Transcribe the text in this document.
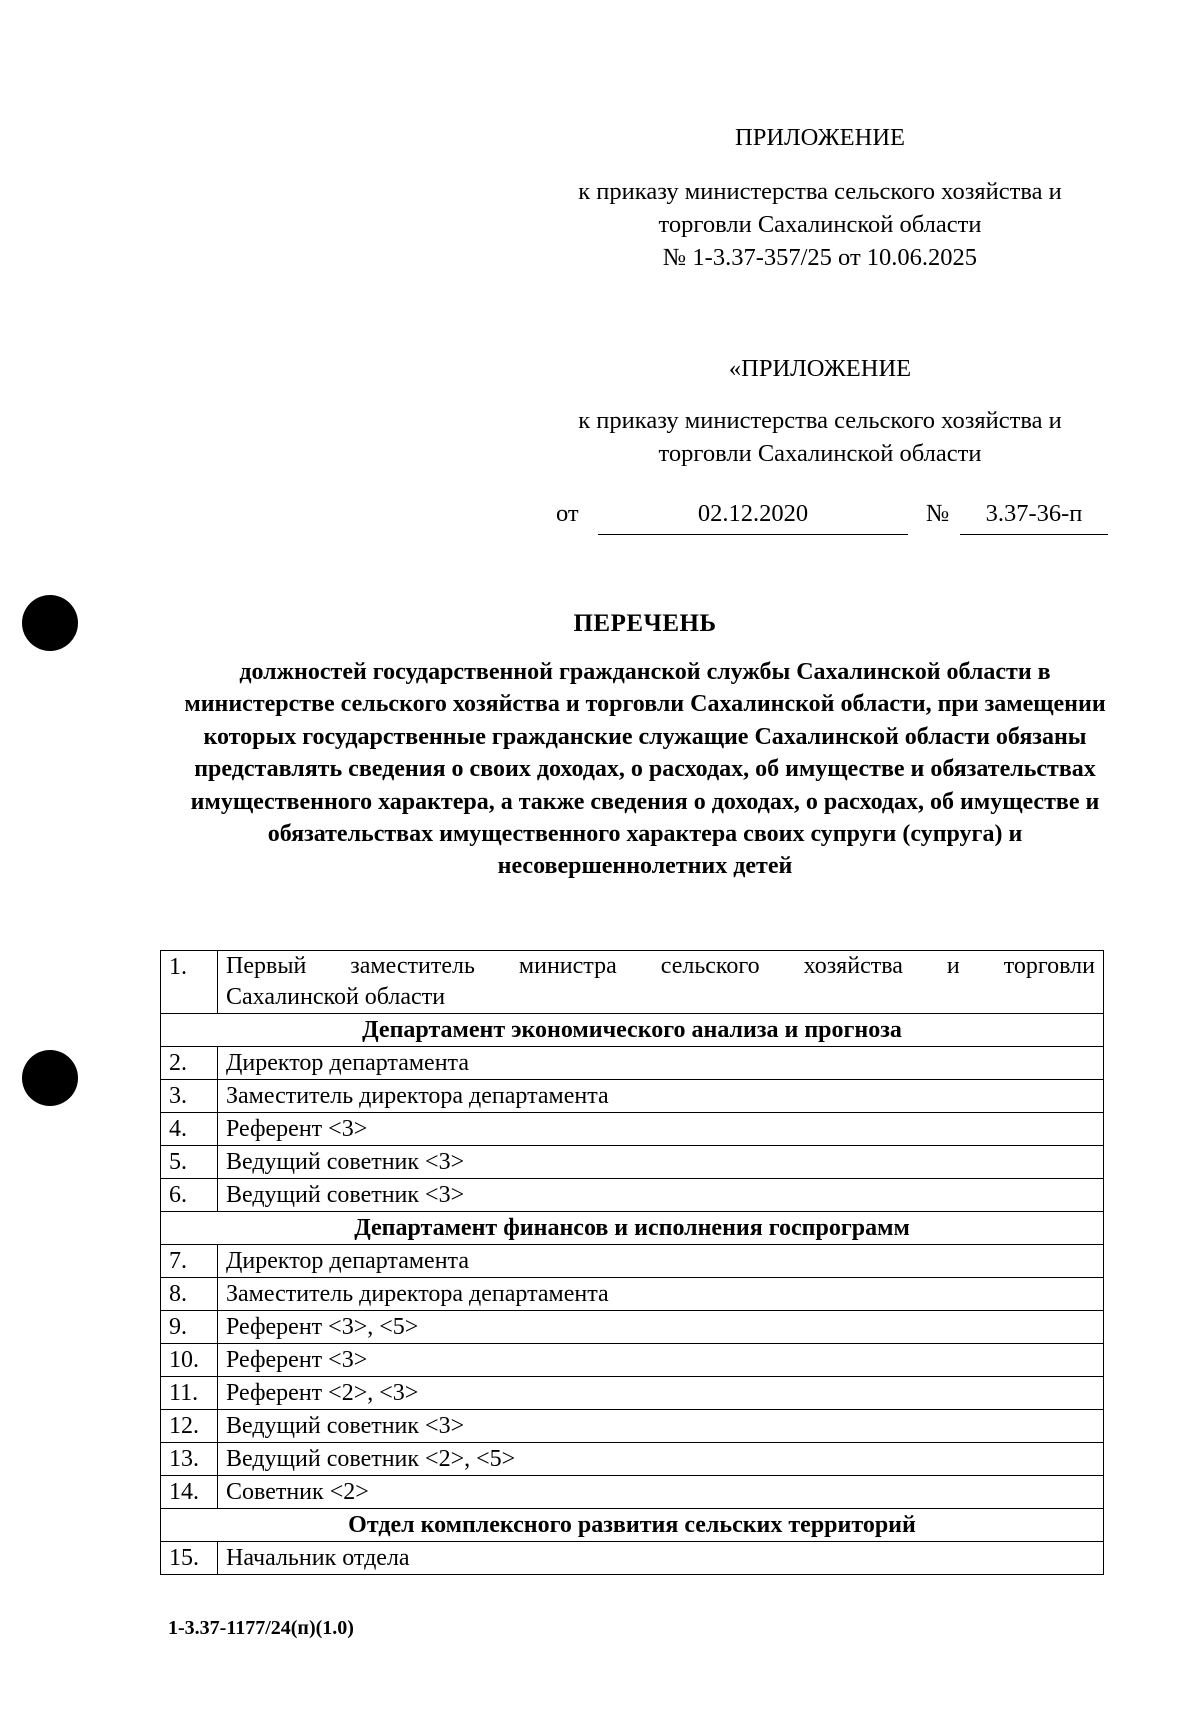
ПРИЛОЖЕНИЕ
к приказу министерства сельского хозяйства и
торговли Сахалинской области
№ 1-3.37-357/25 от 10.06.2025
«ПРИЛОЖЕНИЕ
к приказу министерства сельского хозяйства и
торговли Сахалинской области
от	02.12.2020	№	3.37-36-п
ПЕРЕЧЕНЬ
должностей государственной гражданской службы Сахалинской области в министерстве сельского хозяйства и торговли Сахалинской области, при замещении которых государственные гражданские служащие Сахалинской области обязаны представлять сведения о своих доходах, о расходах, об имуществе и обязательствах имущественного характера, а также сведения о доходах, о расходах, об имуществе и обязательствах имущественного характера своих супруги (супруга) и несовершеннолетних детей
1.	Первый заместитель министра сельского хозяйства и торговли
Сахалинской области
Департамент экономического анализа и прогноза	
2.	Директор департамента
3.	Заместитель директора департамента
4.	Референт <3>
5.	Ведущий советник <3>
6.	Ведущий советник <3>
Департамент финансов и исполнения госпрограмм	
7.	Директор департамента
8.	Заместитель директора департамента
9.	Референт <3>, <5>
10.	Референт <3>
11.	Референт <2>, <3>
12.	Ведущий советник <3>
13.	Ведущий советник <2>, <5>
14.	Советник <2>
Отдел комплексного развития сельских территорий	
15.	Начальник отдела
1-3.37-1177/24(п)(1.0)
